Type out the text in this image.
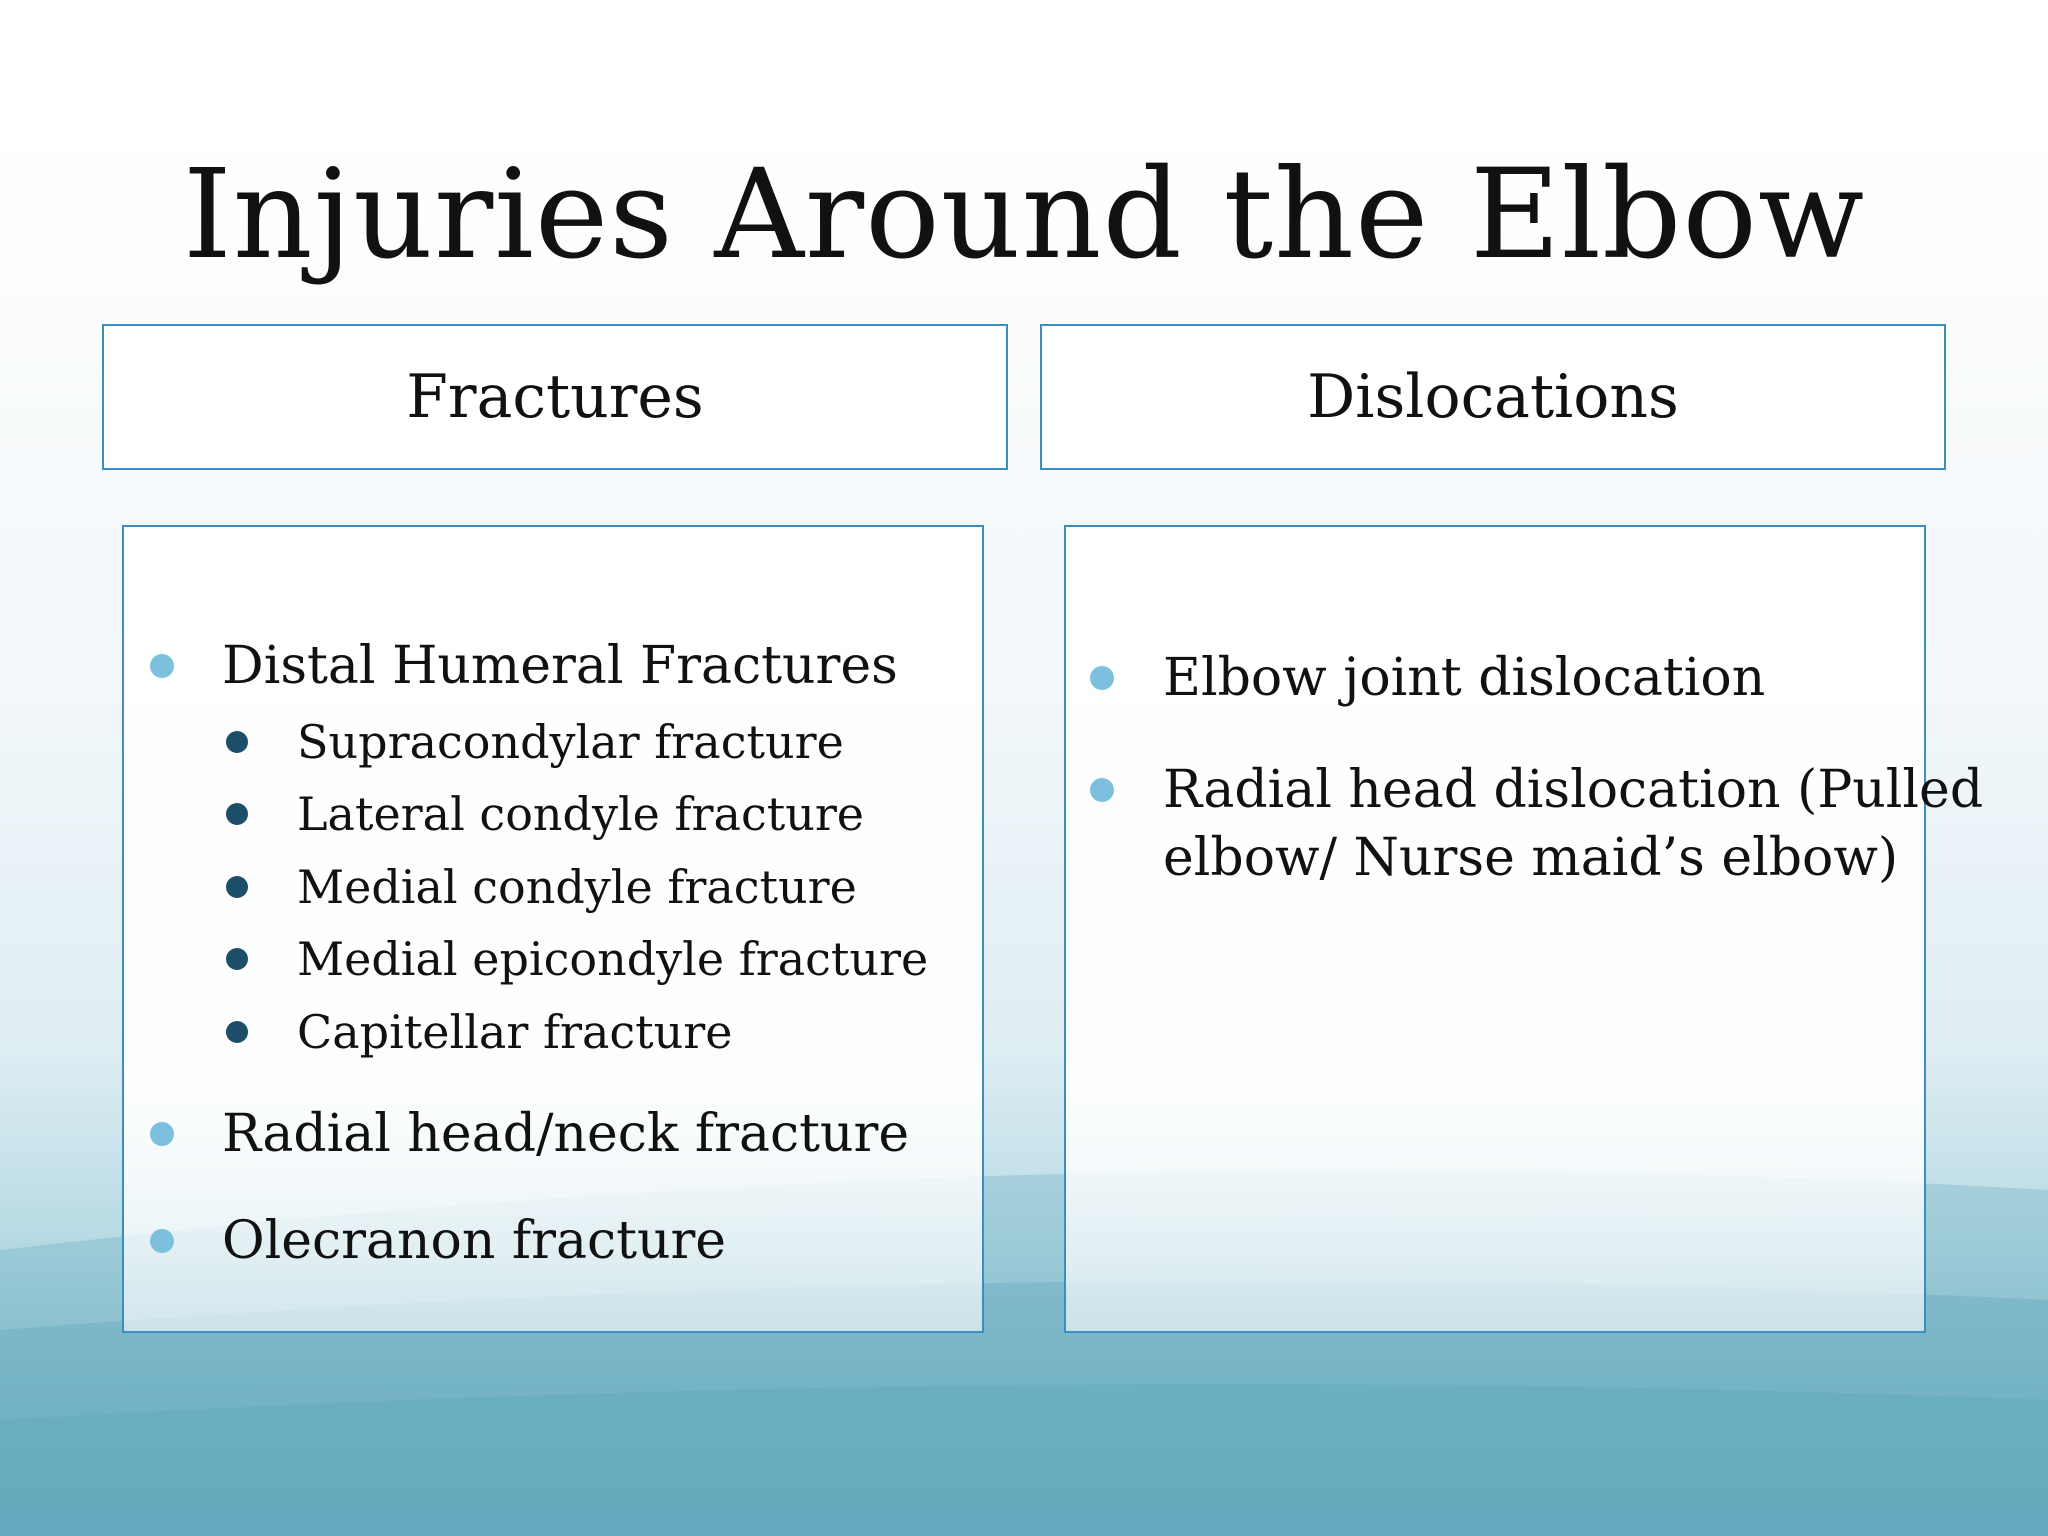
Injuries Around the Elbow
Fractures	Dislocations
Distal Humeral Fractures
Supracondylar fracture
Lateral condyle fracture
Medial condyle fracture
Medial epicondyle fracture
Capitellar fracture
Radial head/neck fracture
Olecranon fracture
Elbow joint dislocation
Radial head dislocation (Pulled
elbow/ Nurse maid’s elbow)
